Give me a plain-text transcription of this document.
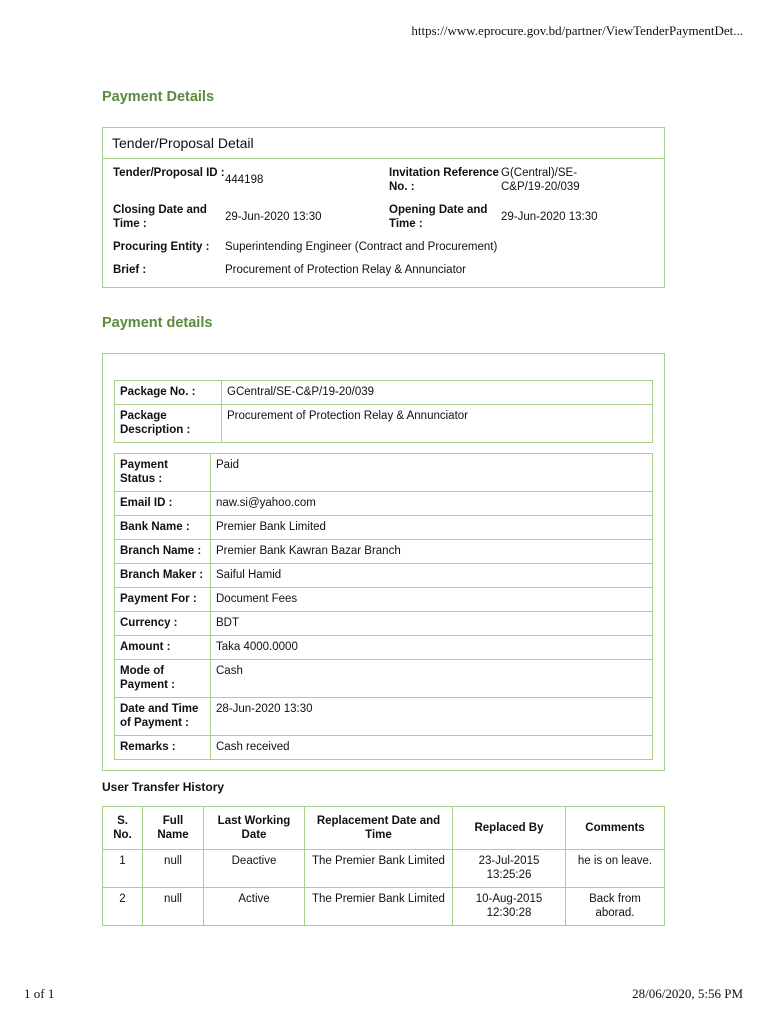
https://www.eprocure.gov.bd/partner/ViewTenderPaymentDet...
Payment Details
Tender/Proposal Detail
Tender/Proposal ID :
444198
Invitation Reference No. :
G(Central)/SE-C&P/19-20/039
Closing Date and Time :
29-Jun-2020 13:30
Opening Date and Time :
29-Jun-2020 13:30
Procuring Entity :	Superintending Engineer (Contract and Procurement)
Brief :	Procurement of Protection Relay & Annunciator
Payment details
Package No. :	GCentral/SE-C&P/19-20/039
Package Description :	Procurement of Protection Relay & Annunciator
Payment Status :	Paid
Email ID :	naw.si@yahoo.com
Bank Name :	Premier Bank Limited
Branch Name :	Premier Bank Kawran Bazar Branch
Branch Maker :	Saiful Hamid
Payment For :	Document Fees
Currency :	BDT
Amount :	Taka 4000.0000
Mode of Payment :	Cash
Date and Time of Payment :	28-Jun-2020 13:30
Remarks :	Cash received
User Transfer History
S. No.	Full Name	Last Working Date	Replacement Date and Time	Replaced By	Comments
1	null	Deactive	The Premier Bank Limited	23-Jul-2015 13:25:26	he is on leave.
2	null	Active	The Premier Bank Limited	10-Aug-2015 12:30:28	Back from aborad.
1 of 1	28/06/2020, 5:56 PM
